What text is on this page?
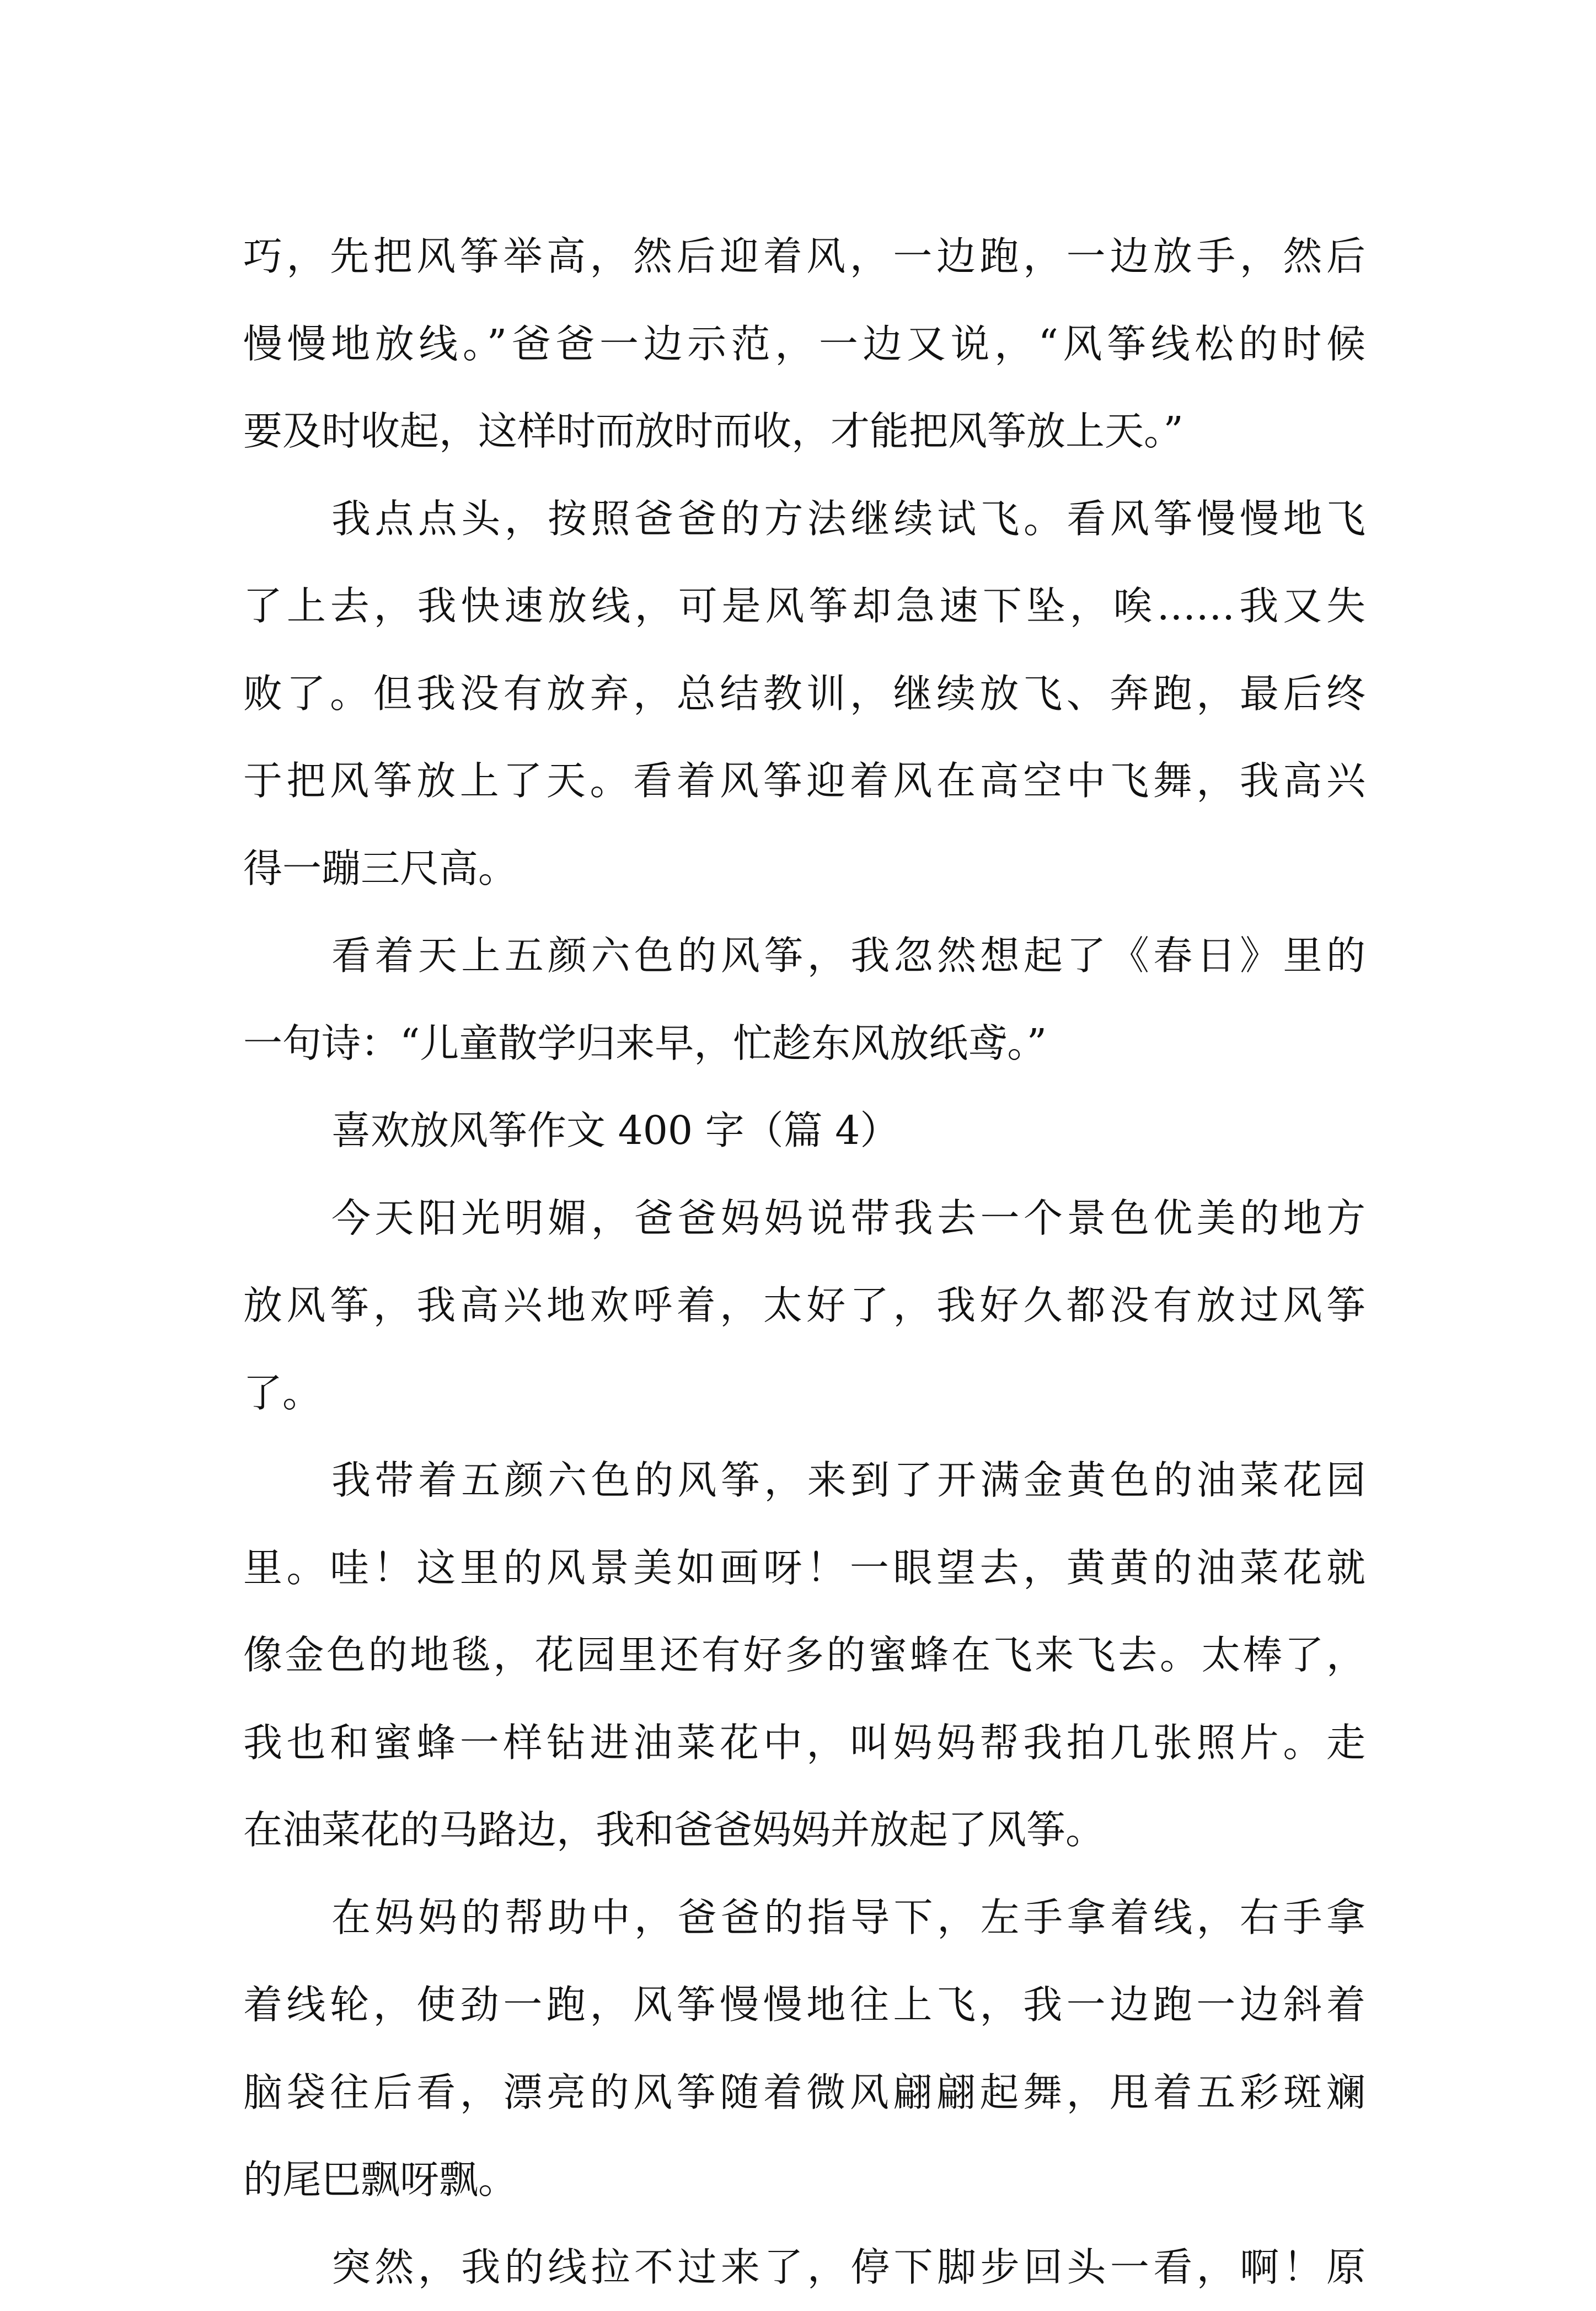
巧，先把风筝举高，然后迎着风，一边跑，一边放手，然后
慢慢地放线。”爸爸一边示范，一边又说，“风筝线松的时候
要及时收起，这样时而放时而收，才能把风筝放上天。”
我点点头，按照爸爸的方法继续试飞。看风筝慢慢地飞
了上去，我快速放线，可是风筝却急速下坠，唉……我又失
败了。但我没有放弃，总结教训，继续放飞、奔跑，最后终
于把风筝放上了天。看着风筝迎着风在高空中飞舞，我高兴
得一蹦三尺高。
看着天上五颜六色的风筝，我忽然想起了《春日》里的
一句诗：“儿童散学归来早，忙趁东风放纸鸢。”
喜欢放风筝作文 400 字（篇 4）
今天阳光明媚，爸爸妈妈说带我去一个景色优美的地方
放风筝，我高兴地欢呼着，太好了，我好久都没有放过风筝
了。
我带着五颜六色的风筝，来到了开满金黄色的油菜花园
里。哇！这里的风景美如画呀！一眼望去，黄黄的油菜花就
像金色的地毯，花园里还有好多的蜜蜂在飞来飞去。太棒了，
我也和蜜蜂一样钻进油菜花中，叫妈妈帮我拍几张照片。走
在油菜花的马路边，我和爸爸妈妈并放起了风筝。
在妈妈的帮助中，爸爸的指导下，左手拿着线，右手拿
着线轮，使劲一跑，风筝慢慢地往上飞，我一边跑一边斜着
脑袋往后看，漂亮的风筝随着微风翩翩起舞，甩着五彩斑斓
的尾巴飘呀飘。
突然，我的线拉不过来了，停下脚步回头一看，啊！原
